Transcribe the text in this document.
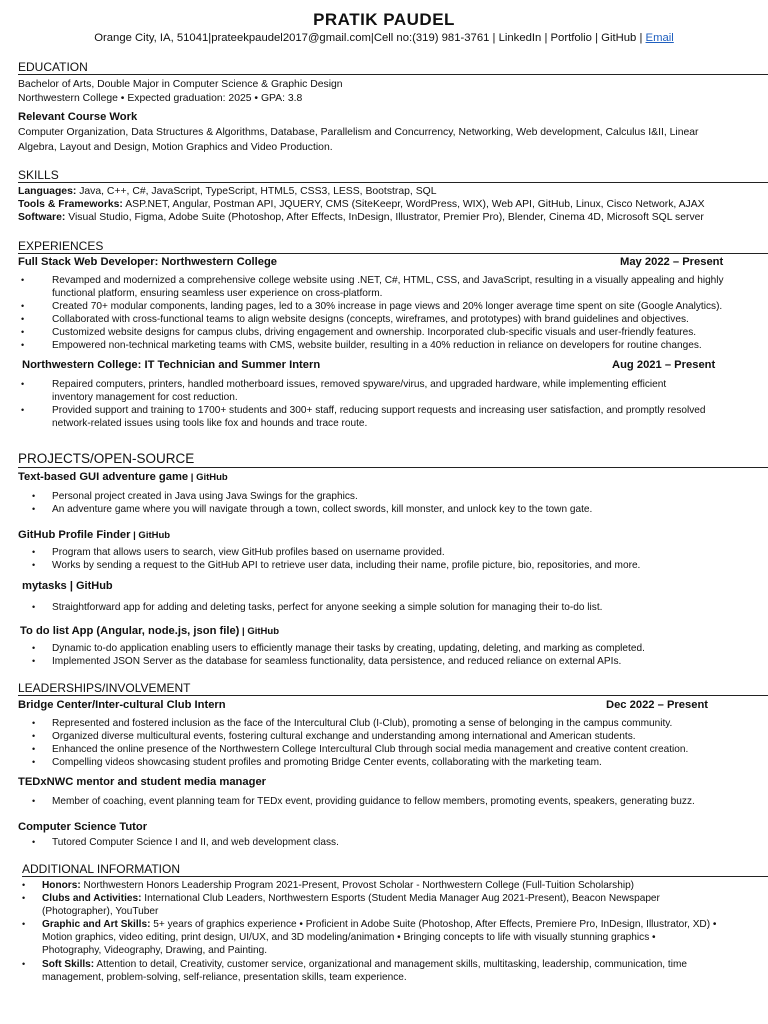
PRATIK PAUDEL
Orange City, IA, 51041|prateekpaudel2017@gmail.com|Cell no:(319) 981-3761 | LinkedIn | Portfolio | GitHub | Email
EDUCATION
Bachelor of Arts, Double Major in Computer Science & Graphic Design
Northwestern College • Expected graduation: 2025 • GPA: 3.8
Relevant Course Work
Computer Organization, Data Structures & Algorithms, Database, Parallelism and Concurrency, Networking, Web development, Calculus I&II, Linear
Algebra, Layout and Design, Motion Graphics and Video Production.
SKILLS
Languages: Java, C++, C#, JavaScript, TypeScript, HTML5, CSS3, LESS, Bootstrap, SQL
Tools & Frameworks: ASP.NET, Angular, Postman API, JQUERY, CMS (SiteKeepr, WordPress, WIX), Web API, GitHub, Linux, Cisco Network, AJAX
Software: Visual Studio, Figma, Adobe Suite (Photoshop, After Effects, InDesign, Illustrator, Premier Pro), Blender, Cinema 4D, Microsoft SQL server
EXPERIENCES
Full Stack Web Developer: Northwestern College	May 2022 – Present
•	Revamped and modernized a comprehensive college website using .NET, C#, HTML, CSS, and JavaScript, resulting in a visually appealing and highly
functional platform, ensuring seamless user experience on cross-platform.
•	Created 70+ modular components, landing pages, led to a 30% increase in page views and 20% longer average time spent on site (Google Analytics).
•	Collaborated with cross-functional teams to align website designs (concepts, wireframes, and prototypes) with brand guidelines and objectives.
•	Customized website designs for campus clubs, driving engagement and ownership. Incorporated club-specific visuals and user-friendly features.
•	Empowered non-technical marketing teams with CMS, website builder, resulting in a 40% reduction in reliance on developers for routine changes.
Northwestern College: IT Technician and Summer Intern	Aug 2021 – Present
•	Repaired computers, printers, handled motherboard issues, removed spyware/virus, and upgraded hardware, while implementing efficient
inventory management for cost reduction.
•	Provided support and training to 1700+ students and 300+ staff, reducing support requests and increasing user satisfaction, and promptly resolved
network-related issues using tools like fox and hounds and trace route.
PROJECTS/OPEN-SOURCE
Text-based GUI adventure game | GitHub
• Personal project created in Java using Java Swings for the graphics.
• An adventure game where you will navigate through a town, collect swords, kill monster, and unlock key to the town gate.
GitHub Profile Finder | GitHub
• Program that allows users to search, view GitHub profiles based on username provided.
• Works by sending a request to the GitHub API to retrieve user data, including their name, profile picture, bio, repositories, and more.
mytasks | GitHub
• Straightforward app for adding and deleting tasks, perfect for anyone seeking a simple solution for managing their to-do list.
To do list App (Angular, node.js, json file) | GitHub
• Dynamic to-do application enabling users to efficiently manage their tasks by creating, updating, deleting, and marking as completed.
• Implemented JSON Server as the database for seamless functionality, data persistence, and reduced reliance on external APIs.
LEADERSHIPS/INVOLVEMENT
Bridge Center/Inter-cultural Club Intern	Dec 2022 – Present
• Represented and fostered inclusion as the face of the Intercultural Club (I-Club), promoting a sense of belonging in the campus community.
• Organized diverse multicultural events, fostering cultural exchange and understanding among international and American students.
• Enhanced the online presence of the Northwestern College Intercultural Club through social media management and creative content creation.
• Compelling videos showcasing student profiles and promoting Bridge Center events, collaborating with the marketing team.
TEDxNWC mentor and student media manager
• Member of coaching, event planning team for TEDx event, providing guidance to fellow members, promoting events, speakers, generating buzz.
Computer Science Tutor
• Tutored Computer Science I and II, and web development class.
ADDITIONAL INFORMATION
• Honors: Northwestern Honors Leadership Program 2021-Present, Provost Scholar - Northwestern College (Full-Tuition Scholarship)
• Clubs and Activities: International Club Leaders, Northwestern Esports (Student Media Manager Aug 2021-Present), Beacon Newspaper
(Photographer), YouTuber
• Graphic and Art Skills: 5+ years of graphics experience • Proficient in Adobe Suite (Photoshop, After Effects, Premiere Pro, InDesign, Illustrator, XD) •
Motion graphics, video editing, print design, UI/UX, and 3D modeling/animation • Bringing concepts to life with visually stunning graphics •
Photography, Videography, Drawing, and Painting.
• Soft Skills: Attention to detail, Creativity, customer service, organizational and management skills, multitasking, leadership, communication, time
management, problem-solving, self-reliance, presentation skills, team experience.
